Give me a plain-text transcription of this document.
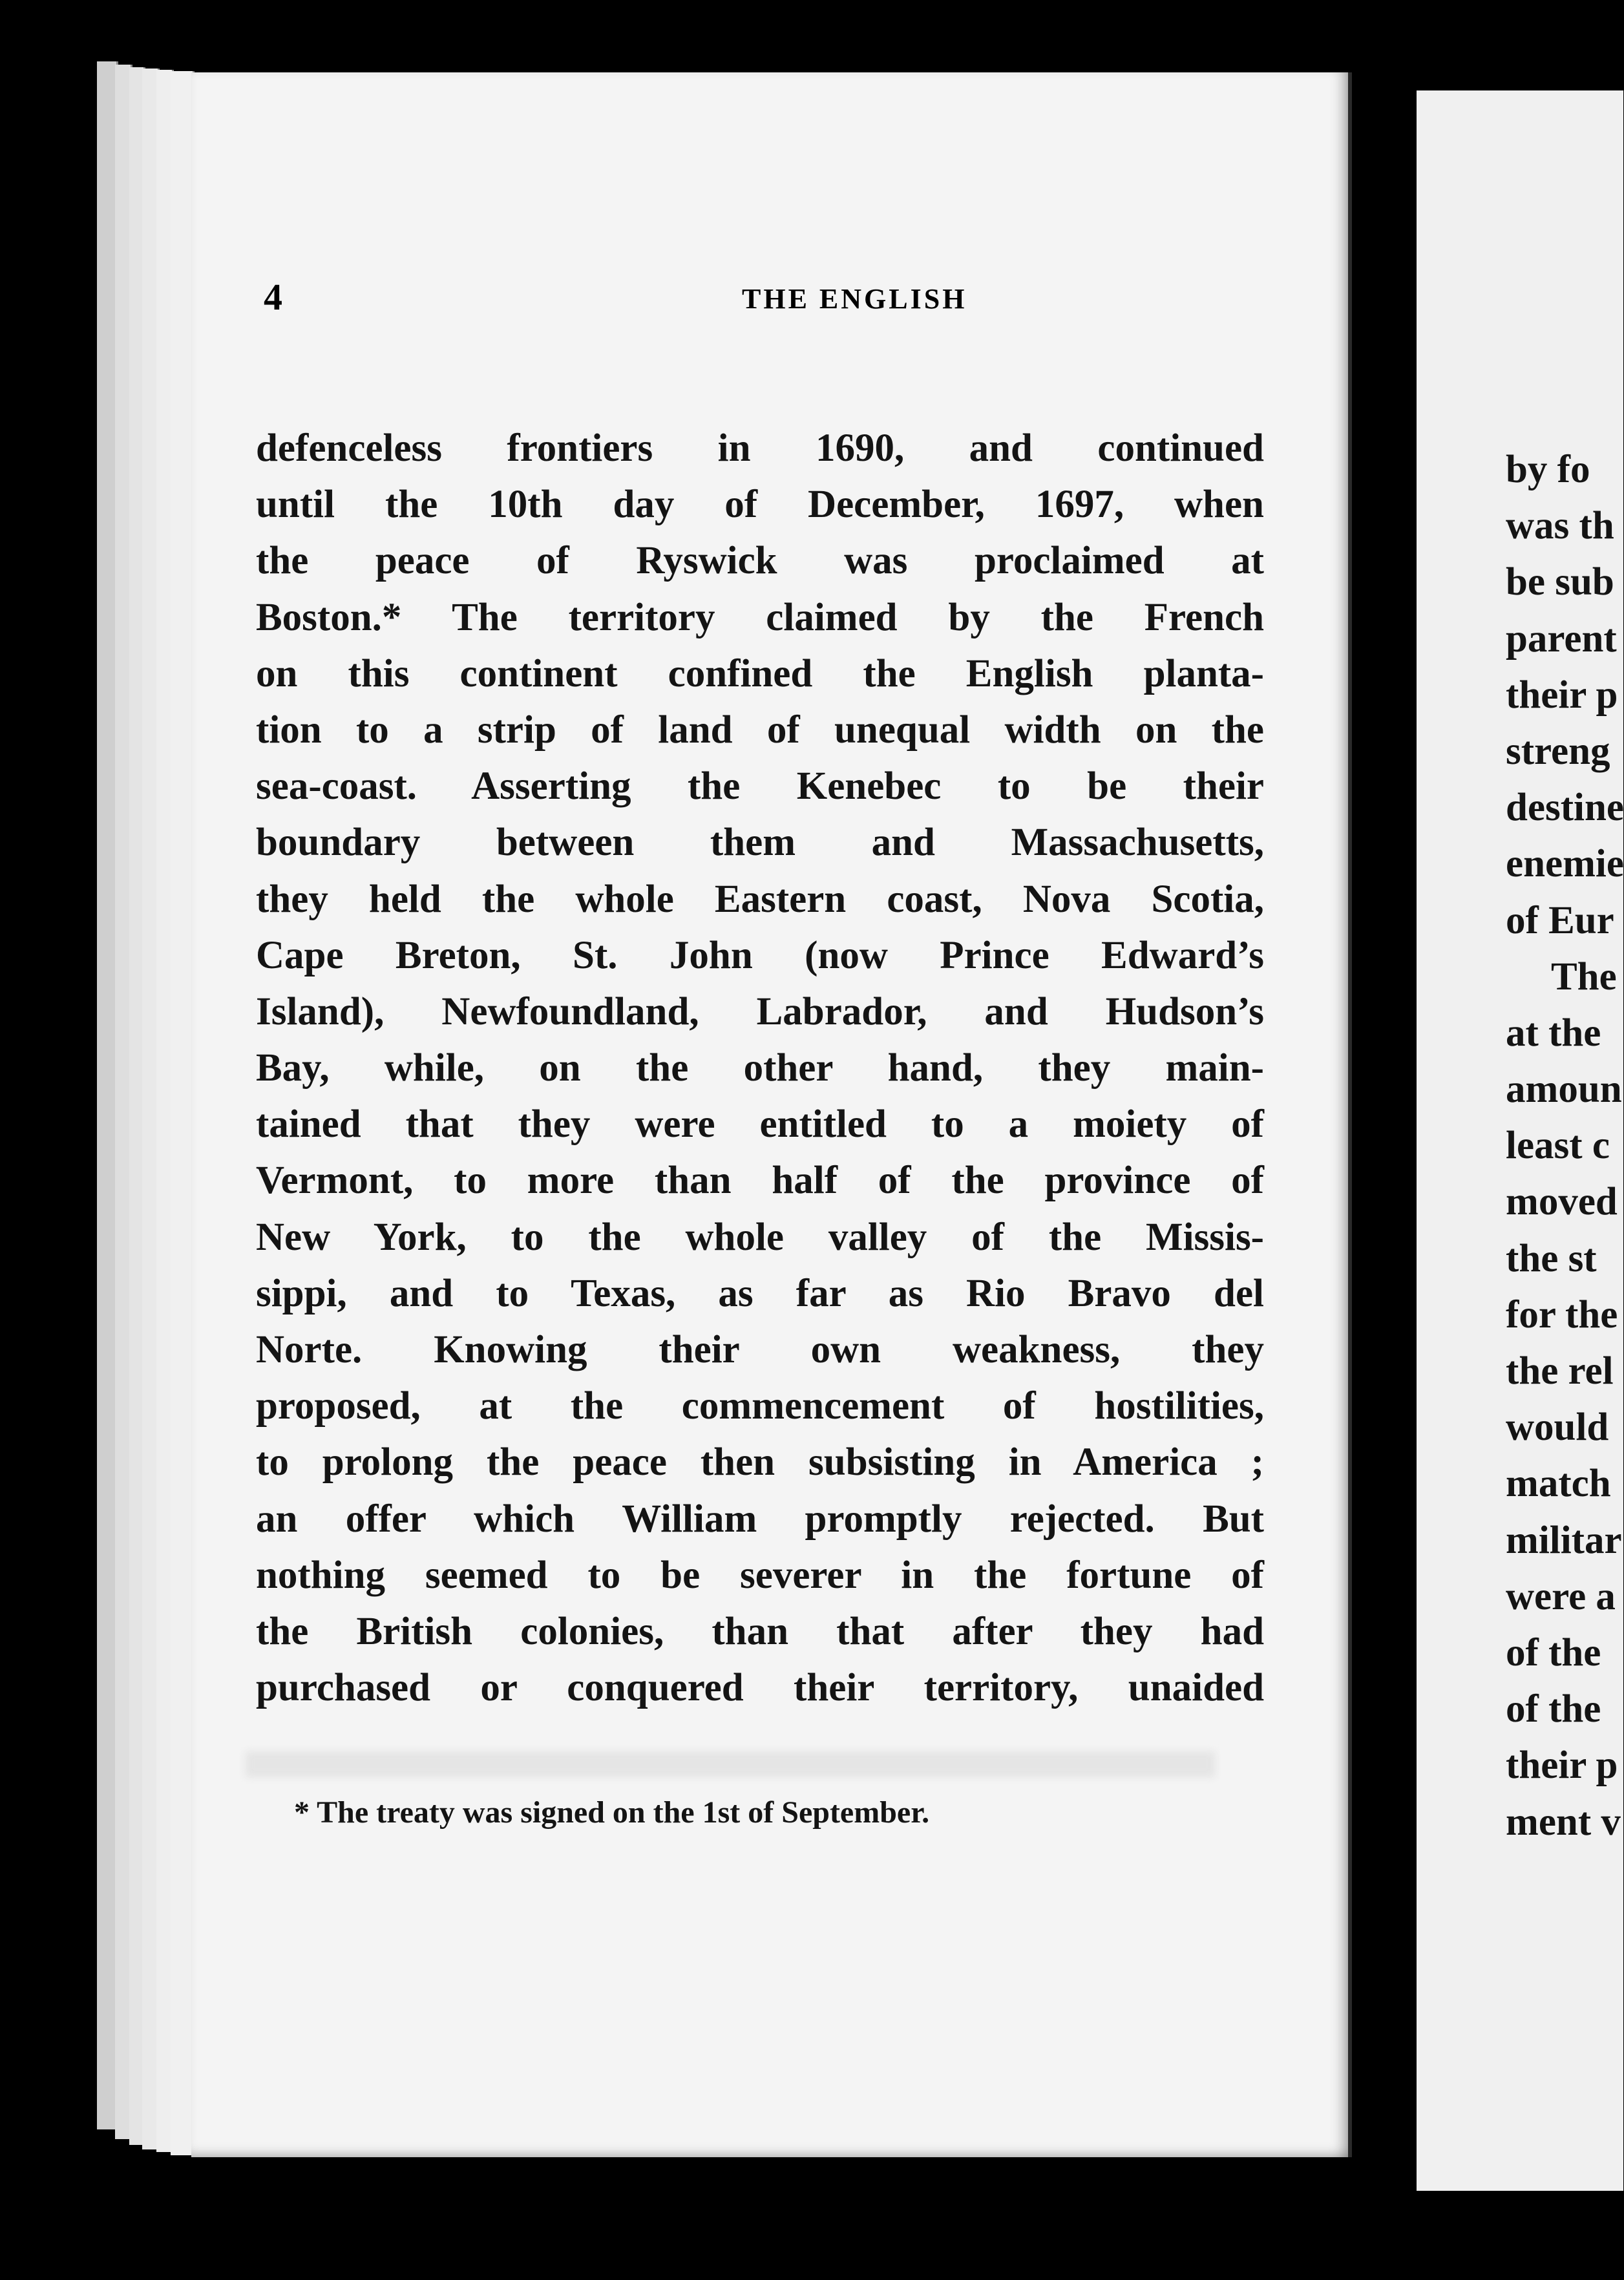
4	THE ENGLISH
defenceless frontiers in 1690, and continued
until the 10th day of December, 1697, when
the peace of Ryswick was proclaimed at
Boston.* The territory claimed by the French
on this continent confined the English planta-
tion to a strip of land of unequal width on the
sea-coast. Asserting the Kenebec to be their
boundary between them and Massachusetts,
they held the whole Eastern coast, Nova Scotia,
Cape Breton, St. John (now Prince Edward’s
Island), Newfoundland, Labrador, and Hudson’s
Bay, while, on the other hand, they main-
tained that they were entitled to a moiety of
Vermont, to more than half of the province of
New York, to the whole valley of the Missis-
sippi, and to Texas, as far as Rio Bravo del
Norte. Knowing their own weakness, they
proposed, at the commencement of hostilities,
to prolong the peace then subsisting in America ;
an offer which William promptly rejected. But
nothing seemed to be severer in the fortune of
the British colonies, than that after they had
purchased or conquered their territory, unaided
* The treaty was signed on the 1st of September.
by fo
was th
be sub
parent
their p
streng
destine
enemie
of Eur
The
at the
amoun
least c
moved
the st
for the
the rel
would
match
militar
were a
of the
of the
their p
ment v
